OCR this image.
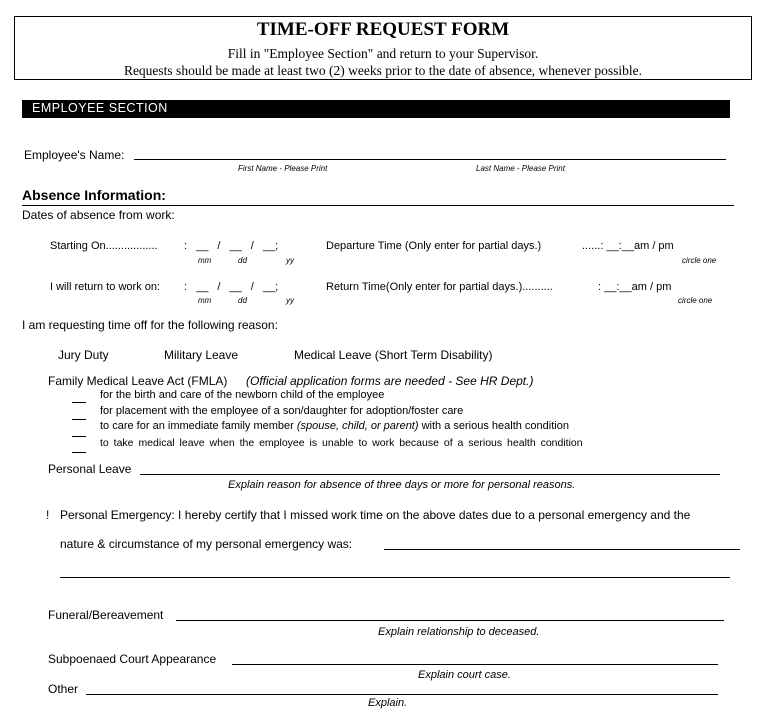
TIME-OFF REQUEST FORM
Fill in "Employee Section" and return to your Supervisor.
Requests should be made at least two (2) weeks prior to the date of absence, whenever possible.
EMPLOYEE SECTION
Employee's Name:
First Name - Please Print	Last Name - Please Print
Absence Information:
Dates of absence from work:
Starting On................. : __ / __ / __;
mm	dd	yy
Departure Time (Only enter for partial days.)	......: __:__am / pm
circle one
I will return to work on: : __ / __ / __;
mm	dd	yy
Return Time(Only enter for partial days.)..........	: __:__am / pm
circle one
I am requesting time off for the following reason:
Jury Duty	Military Leave	Medical Leave (Short Term Disability)
Family Medical Leave Act (FMLA) (Official application forms are needed - See HR Dept.)
for the birth and care of the newborn child of the employee
for placement with the employee of a son/daughter for adoption/foster care
to care for an immediate family member (spouse, child, or parent) with a serious health condition
to take medical leave when the employee is unable to work because of a serious health condition
Personal Leave
Explain reason for absence of three days or more for personal reasons.
! Personal Emergency: I hereby certify that I missed work time on the above dates due to a personal emergency and the
nature & circumstance of my personal emergency was:
Funeral/Bereavement
Explain relationship to deceased.
Subpoenaed Court Appearance
Explain court case.
Other
Explain.
